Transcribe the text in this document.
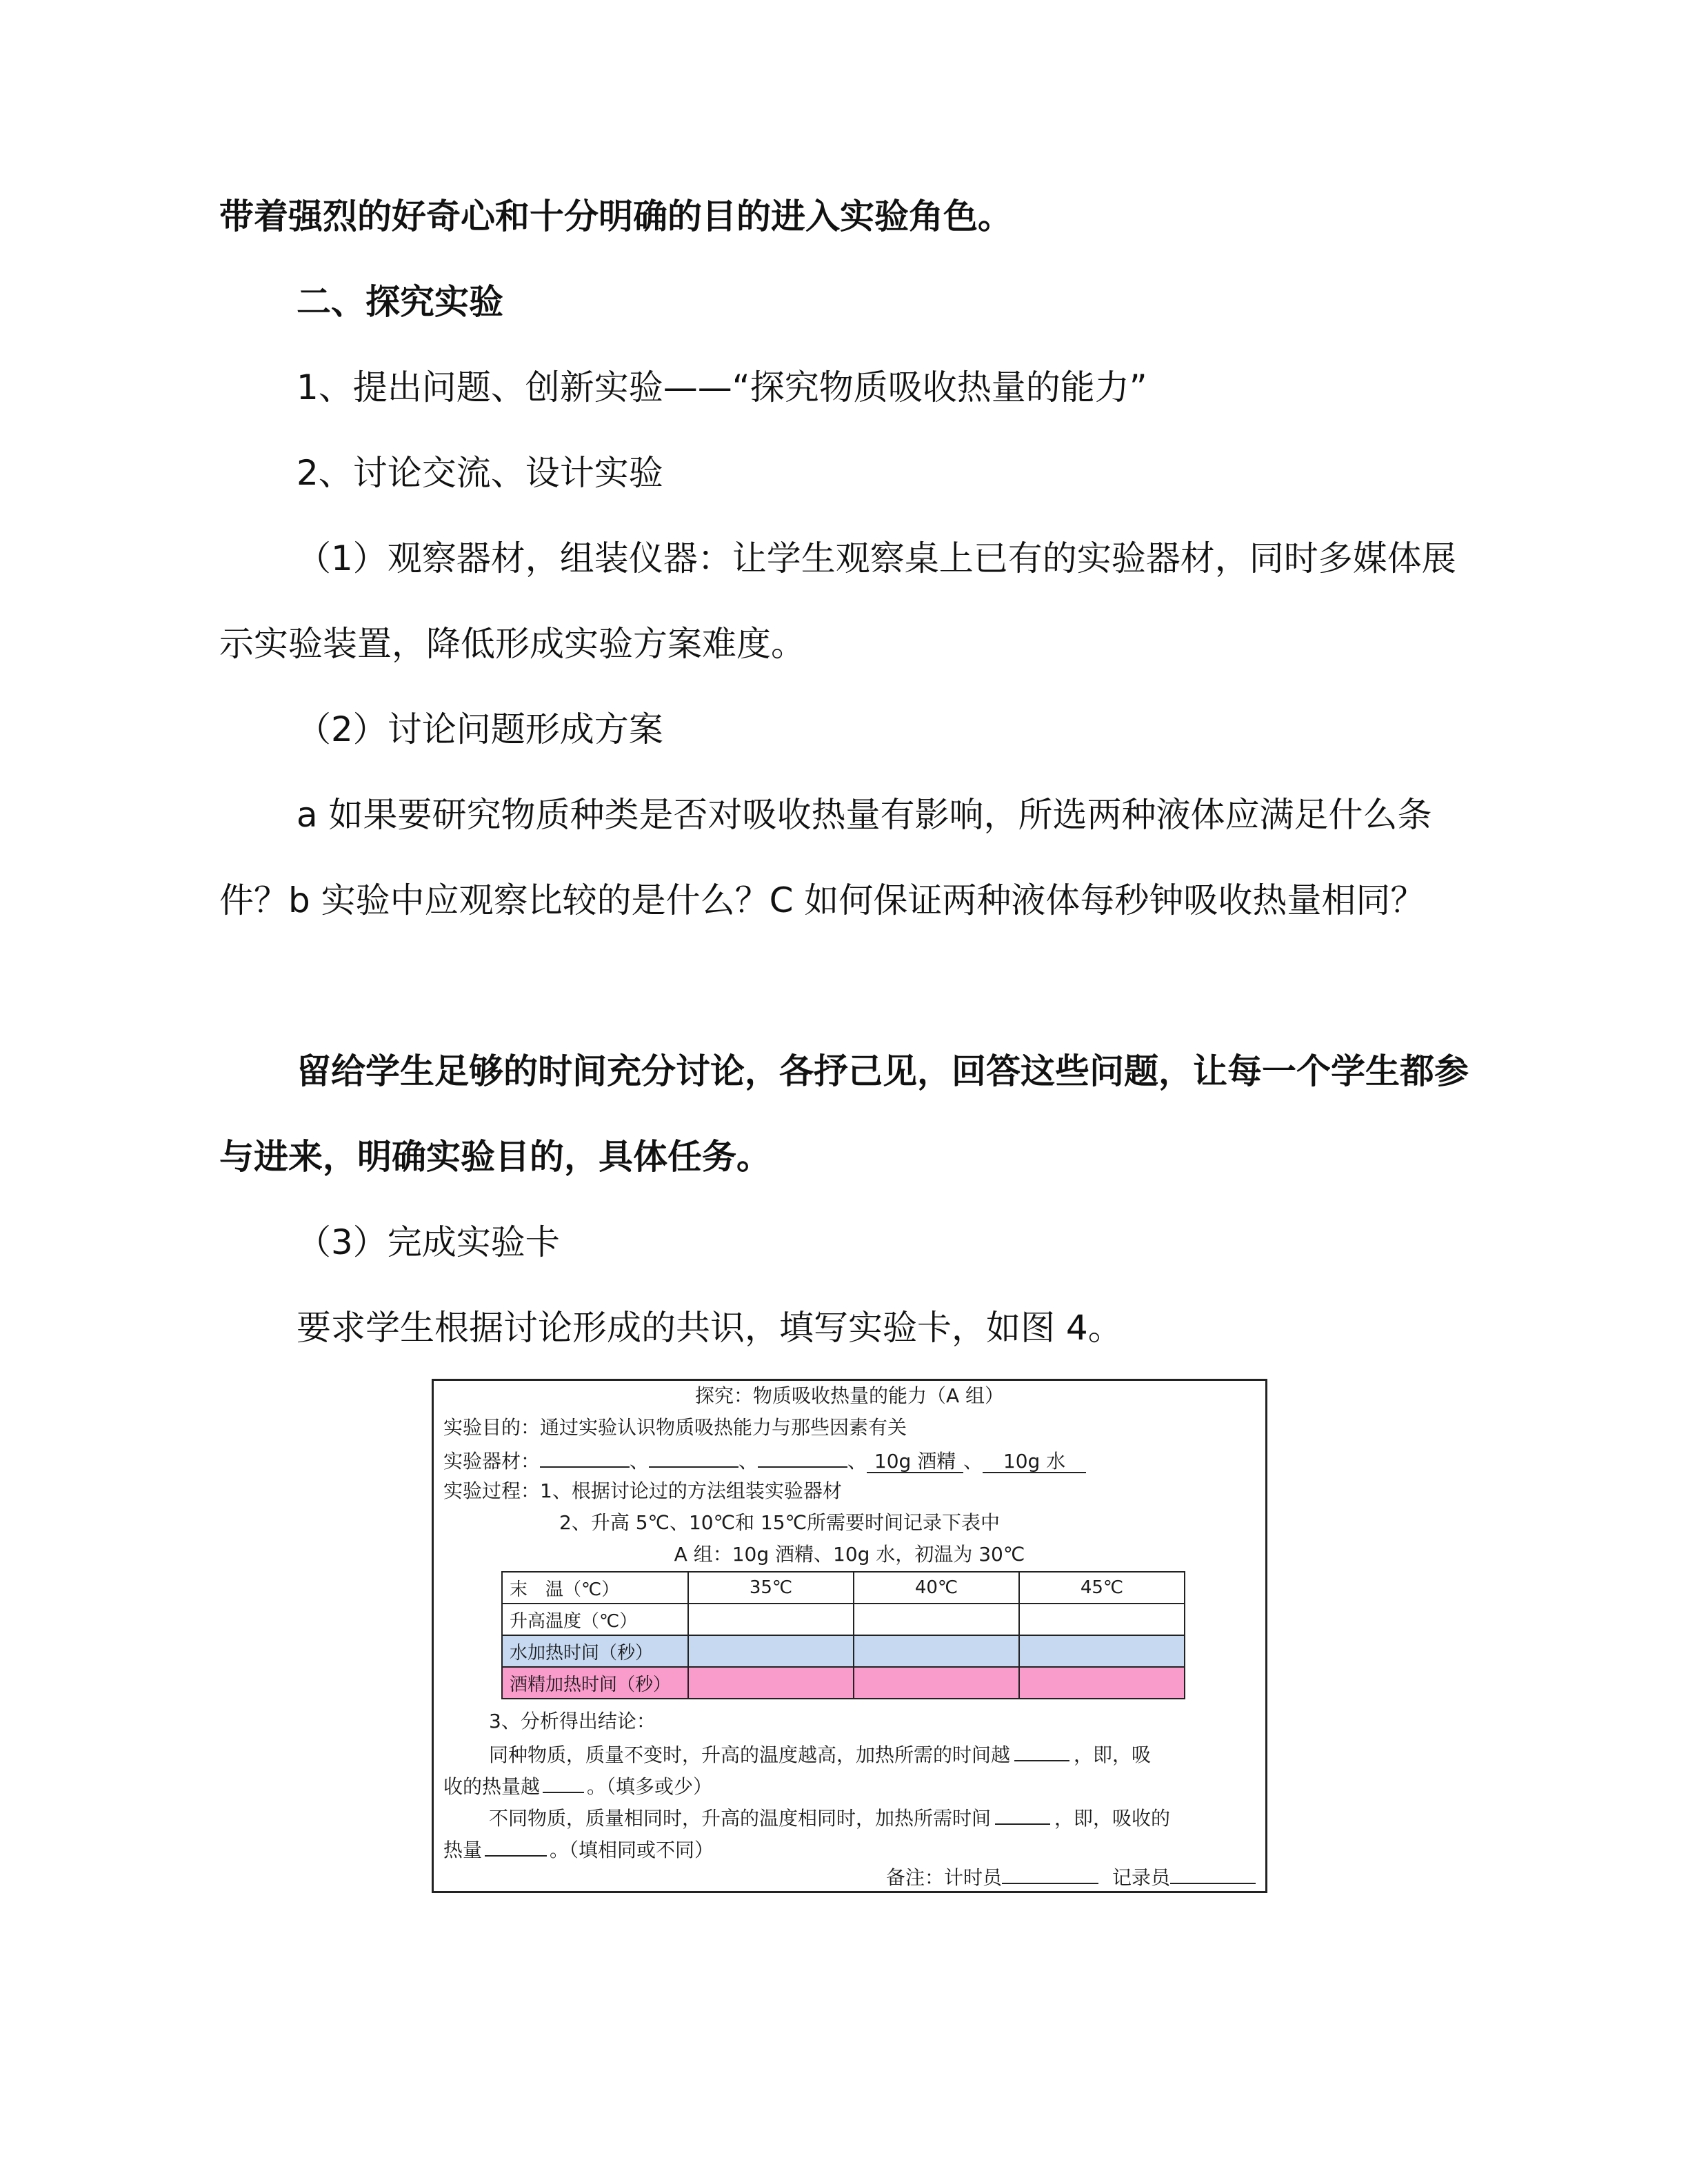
带着强烈的好奇心和十分明确的目的进入实验角色。

二、探究实验

1、提出问题、创新实验——“探究物质吸收热量的能力”

2、讨论交流、设计实验

（1）观察器材，组装仪器：让学生观察桌上已有的实验器材，同时多媒体展示实验装置，降低形成实验方案难度。

（2）讨论问题形成方案

a 如果要研究物质种类是否对吸收热量有影响，所选两种液体应满足什么条件？b 实验中应观察比较的是什么？C 如何保证两种液体每秒钟吸收热量相同？

留给学生足够的时间充分讨论，各抒己见，回答这些问题，让每一个学生都参与进来，明确实验目的，具体任务。

（3）完成实验卡

要求学生根据讨论形成的共识，填写实验卡，如图 4。

探究：物质吸收热量的能力（A 组）
实验目的：通过实验认识物质吸热能力与那些因素有关
实验器材：	、	、	、 10g 酒精 、 10g 水
实验过程：1、根据讨论过的方法组装实验器材
2、升高 5℃、10℃和 15℃所需要时间记录下表中
A 组：10g 酒精、10g 水，初温为 30℃
末　温（℃）	35℃	40℃	45℃
升高温度（℃）			
水加热时间（秒）			
酒精加热时间（秒）			
3、分析得出结论：
同种物质，质量不变时，升高的温度越高，加热所需的时间越	，即，吸
收的热量越 。（填多或少）
不同物质，质量相同时，升高的温度相同时，加热所需时间	，即，吸收的
热量	。（填相同或不同）
备注：计时员	记录员
